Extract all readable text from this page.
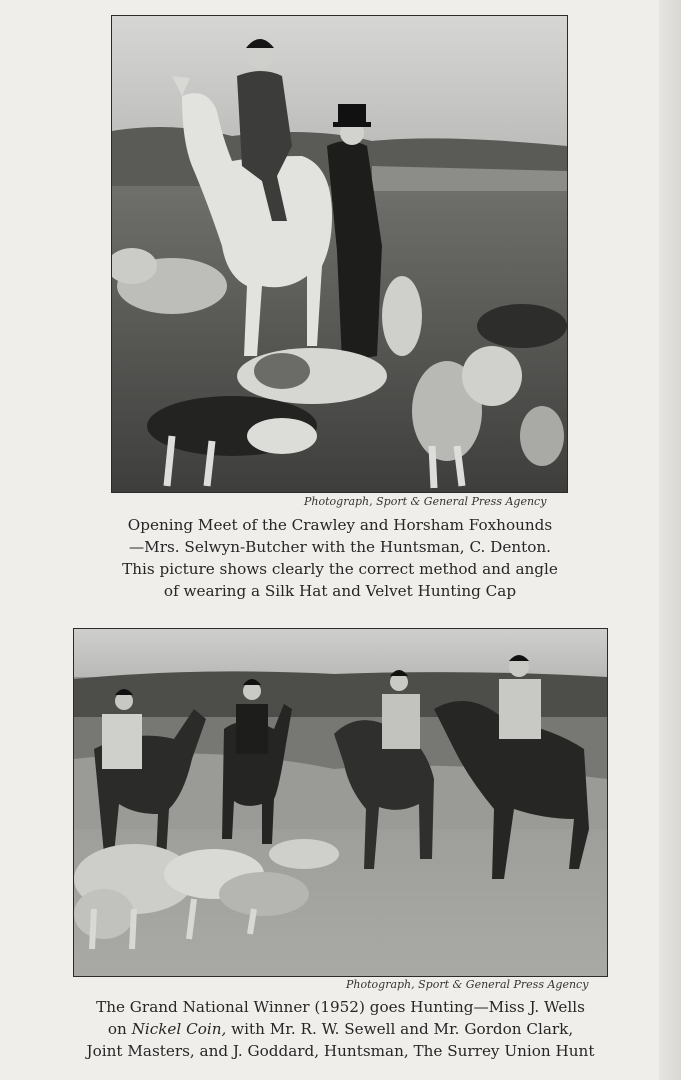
Photograph, Sport & General Press Agency
Opening Meet of the Crawley and Horsham Foxhounds
—Mrs. Selwyn-Butcher with the Huntsman, C. Denton.
This picture shows clearly the correct method and angle
of wearing a Silk Hat and Velvet Hunting Cap
Photograph, Sport & General Press Agency
The Grand National Winner (1952) goes Hunting—Miss J. Wells
on Nickel Coin, with Mr. R. W. Sewell and Mr. Gordon Clark,
Joint Masters, and J. Goddard, Huntsman, The Surrey Union Hunt
